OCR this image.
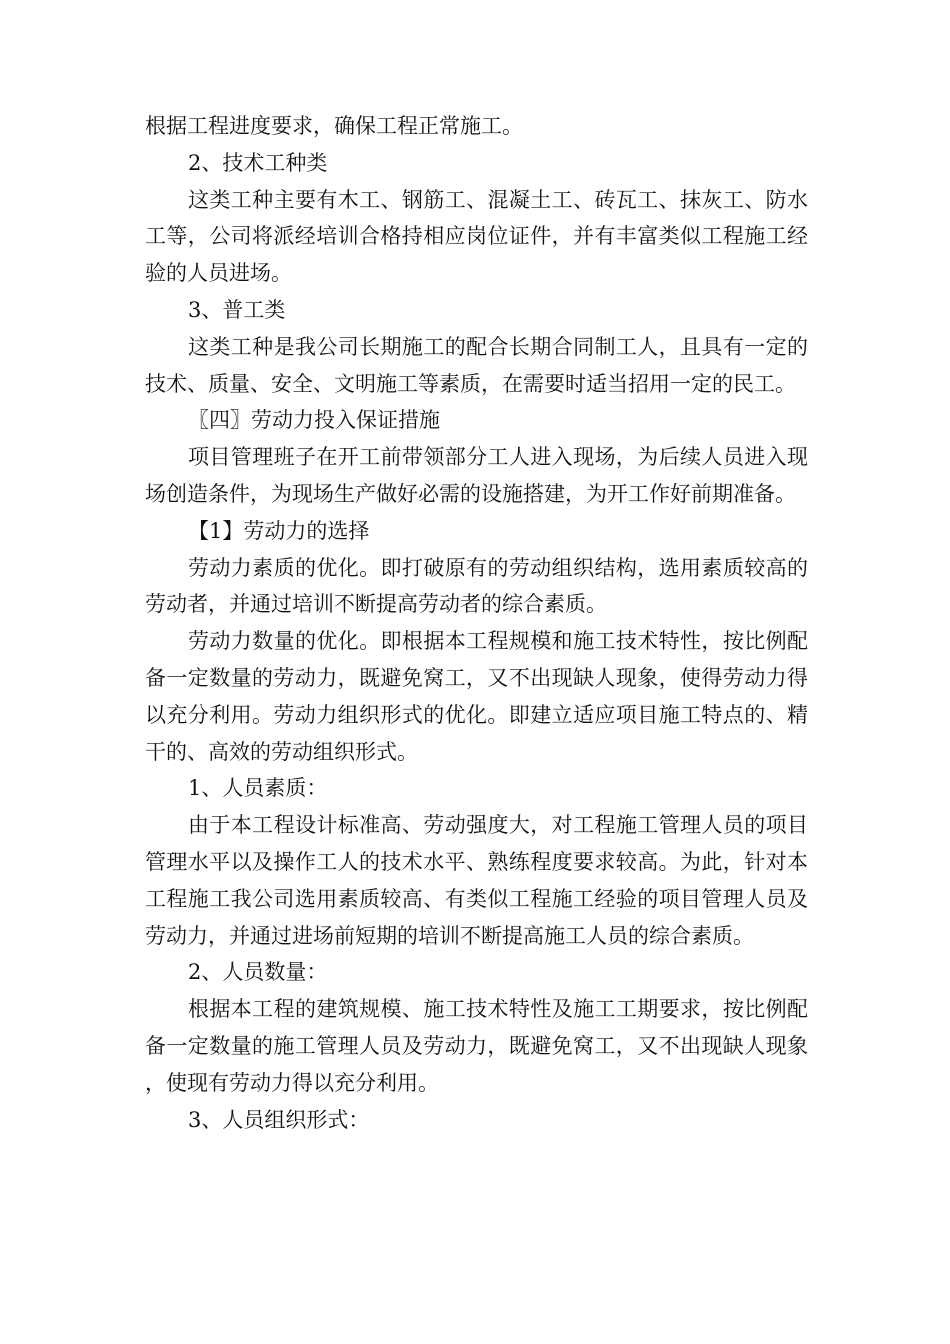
根据工程进度要求，确保工程正常施工。

2、技术工种类

这类工种主要有木工、钢筋工、混凝土工、砖瓦工、抹灰工、防水工等，公司将派经培训合格持相应岗位证件，并有丰富类似工程施工经验的人员进场。

3、普工类

这类工种是我公司长期施工的配合长期合同制工人，且具有一定的技术、质量、安全、文明施工等素质，在需要时适当招用一定的民工。

〖四〗劳动力投入保证措施

项目管理班子在开工前带领部分工人进入现场，为后续人员进入现场创造条件，为现场生产做好必需的设施搭建，为开工作好前期准备。

【1】劳动力的选择

劳动力素质的优化。即打破原有的劳动组织结构，选用素质较高的劳动者，并通过培训不断提高劳动者的综合素质。

劳动力数量的优化。即根据本工程规模和施工技术特性，按比例配备一定数量的劳动力，既避免窝工，又不出现缺人现象，使得劳动力得以充分利用。劳动力组织形式的优化。即建立适应项目施工特点的、精干的、高效的劳动组织形式。

1、人员素质：

由于本工程设计标准高、劳动强度大，对工程施工管理人员的项目管理水平以及操作工人的技术水平、熟练程度要求较高。为此，针对本工程施工我公司选用素质较高、有类似工程施工经验的项目管理人员及劳动力，并通过进场前短期的培训不断提高施工人员的综合素质。

2、人员数量：

根据本工程的建筑规模、施工技术特性及施工工期要求，按比例配备一定数量的施工管理人员及劳动力，既避免窝工，又不出现缺人现象，使现有劳动力得以充分利用。

3、人员组织形式：
